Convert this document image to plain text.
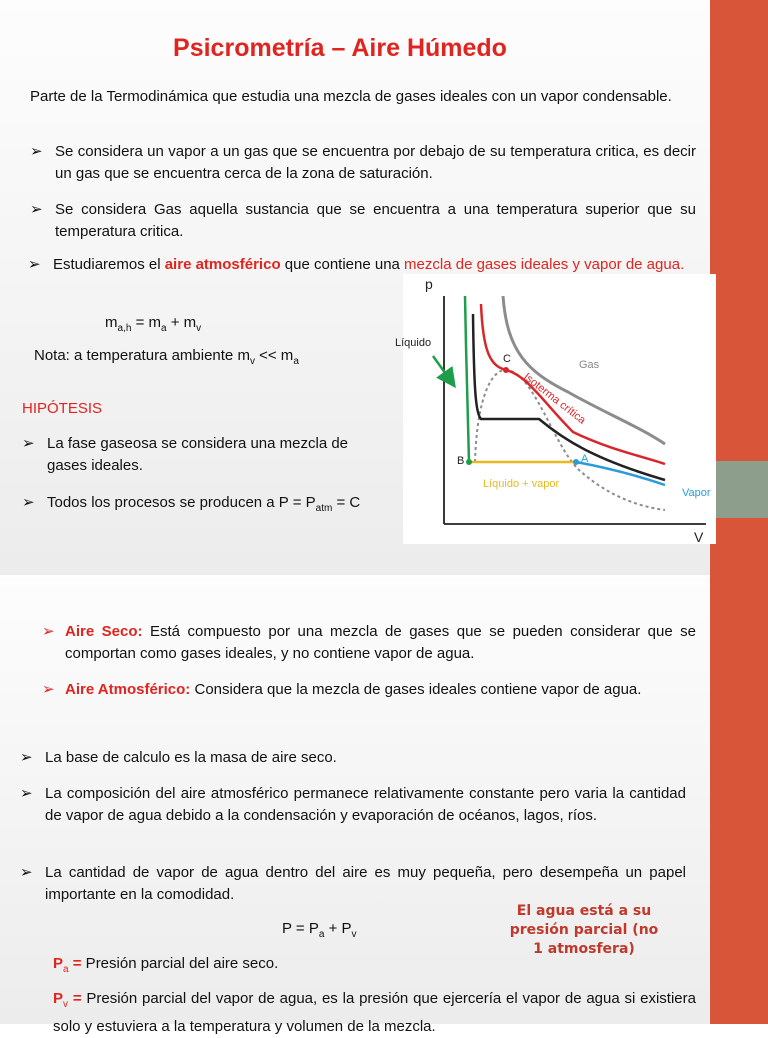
Psicrometría – Aire Húmedo
Parte de la Termodinámica que estudia una mezcla de gases ideales con un vapor condensable.
➢ Se considera un vapor a un gas que se encuentra por debajo de su temperatura critica, es decir un gas que se encuentra cerca de la zona de saturación.
➢ Se considera Gas aquella sustancia que se encuentra a una temperatura superior que su temperatura critica.
➢ Estudiaremos el aire atmosférico que contiene una mezcla de gases ideales y vapor de agua.
$m_{a,h} = m_a + m_v$
Nota: a temperatura ambiente $m_v << m_a$
HIPÓTESIS
➢ La fase gaseosa se considera una mezcla de gases ideales.
➢ Todos los procesos se producen a $P = P_{atm} = C$
p
V
Líquido
Gas
Isoterma crítica
C
B	A
Líquido + vapor
Vapor
➢ Aire Seco: Está compuesto por una mezcla de gases que se pueden considerar que se comportan como gases ideales, y no contiene vapor de agua.
➢ Aire Atmosférico: Considera que la mezcla de gases ideales contiene vapor de agua.
➢ La base de calculo es la masa de aire seco.
➢ La composición del aire atmosférico permanece relativamente constante pero varia la cantidad de vapor de agua debido a la condensación y evaporación de océanos, lagos, ríos.
➢ La cantidad de vapor de agua dentro del aire es muy pequeña, pero desempeña un papel importante en la comodidad.
$P = P_a + P_v$
$P_a$ = Presión parcial del aire seco.
$P_v$ = Presión parcial del vapor de agua, es la presión que ejercería el vapor de agua si existiera solo y estuviera a la temperatura y volumen de la mezcla.
El agua está a su presión parcial (no 1 atmosfera)
